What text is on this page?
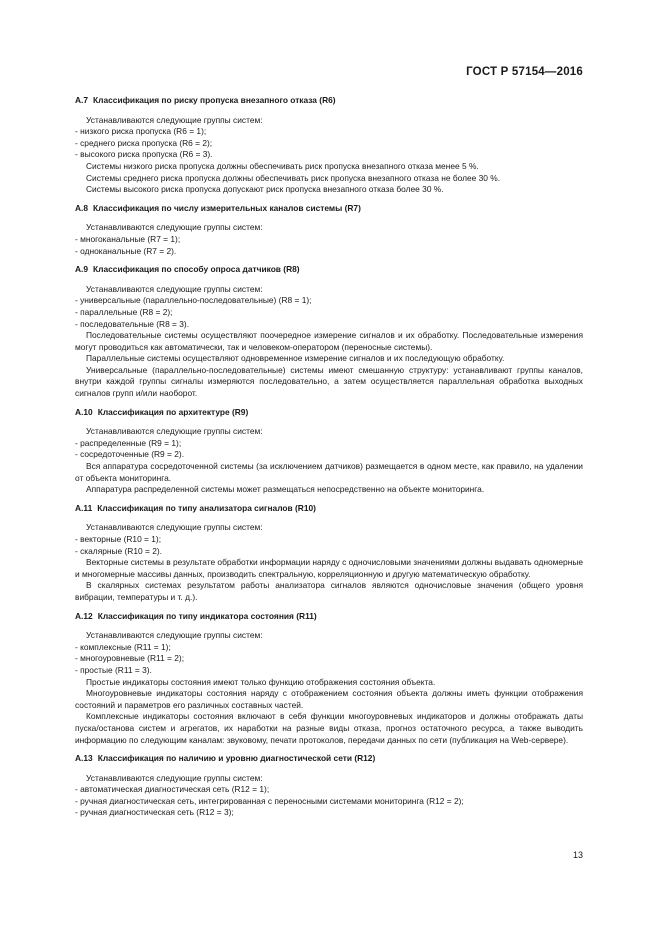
ГОСТ Р 57154—2016
А.7 Классификация по риску пропуска внезапного отказа (R6)
Устанавливаются следующие группы систем:
- низкого риска пропуска (R6 = 1);
- среднего риска пропуска (R6 = 2);
- высокого риска пропуска (R6 = 3).
Системы низкого риска пропуска должны обеспечивать риск пропуска внезапного отказа менее 5 %.
Системы среднего риска пропуска должны обеспечивать риск пропуска внезапного отказа не более 30 %.
Системы высокого риска пропуска допускают риск пропуска внезапного отказа более 30 %.
А.8 Классификация по числу измерительных каналов системы (R7)
Устанавливаются следующие группы систем:
- многоканальные (R7 = 1);
- одноканальные (R7 = 2).
А.9 Классификация по способу опроса датчиков (R8)
Устанавливаются следующие группы систем:
- универсальные (параллельно-последовательные) (R8 = 1);
- параллельные (R8 = 2);
- последовательные (R8 = 3).
Последовательные системы осуществляют поочередное измерение сигналов и их обработку. Последовательные измерения могут проводиться как автоматически, так и человеком-оператором (переносные системы).
Параллельные системы осуществляют одновременное измерение сигналов и их последующую обработку.
Универсальные (параллельно-последовательные) системы имеют смешанную структуру: устанавливают группы каналов, внутри каждой группы сигналы измеряются последовательно, а затем осуществляется параллельная обработка выходных сигналов групп и/или наоборот.
А.10 Классификация по архитектуре (R9)
Устанавливаются следующие группы систем:
- распределенные (R9 = 1);
- сосредоточенные (R9 = 2).
Вся аппаратура сосредоточенной системы (за исключением датчиков) размещается в одном месте, как правило, на удалении от объекта мониторинга.
Аппаратура распределенной системы может размещаться непосредственно на объекте мониторинга.
А.11 Классификация по типу анализатора сигналов (R10)
Устанавливаются следующие группы систем:
- векторные (R10 = 1);
- скалярные (R10 = 2).
Векторные системы в результате обработки информации наряду с одночисловыми значениями должны выдавать одномерные и многомерные массивы данных, производить спектральную, корреляционную и другую математическую обработку.
В скалярных системах результатом работы анализатора сигналов являются одночисловые значения (общего уровня вибрации, температуры и т. д.).
А.12 Классификация по типу индикатора состояния (R11)
Устанавливаются следующие группы систем:
- комплексные (R11 = 1);
- многоуровневые (R11 = 2);
- простые (R11 = 3).
Простые индикаторы состояния имеют только функцию отображения состояния объекта.
Многоуровневые индикаторы состояния наряду с отображением состояния объекта должны иметь функции отображения состояний и параметров его различных составных частей.
Комплексные индикаторы состояния включают в себя функции многоуровневых индикаторов и должны отображать даты пуска/останова систем и агрегатов, их наработки на разные виды отказа, прогноз остаточного ресурса, а также выводить информацию по следующим каналам: звуковому, печати протоколов, передачи данных по сети (публикация на Web-сервере).
А.13 Классификация по наличию и уровню диагностической сети (R12)
Устанавливаются следующие группы систем:
- автоматическая диагностическая сеть (R12 = 1);
- ручная диагностическая сеть, интегрированная с переносными системами мониторинга (R12 = 2);
- ручная диагностическая сеть (R12 = 3);
13
